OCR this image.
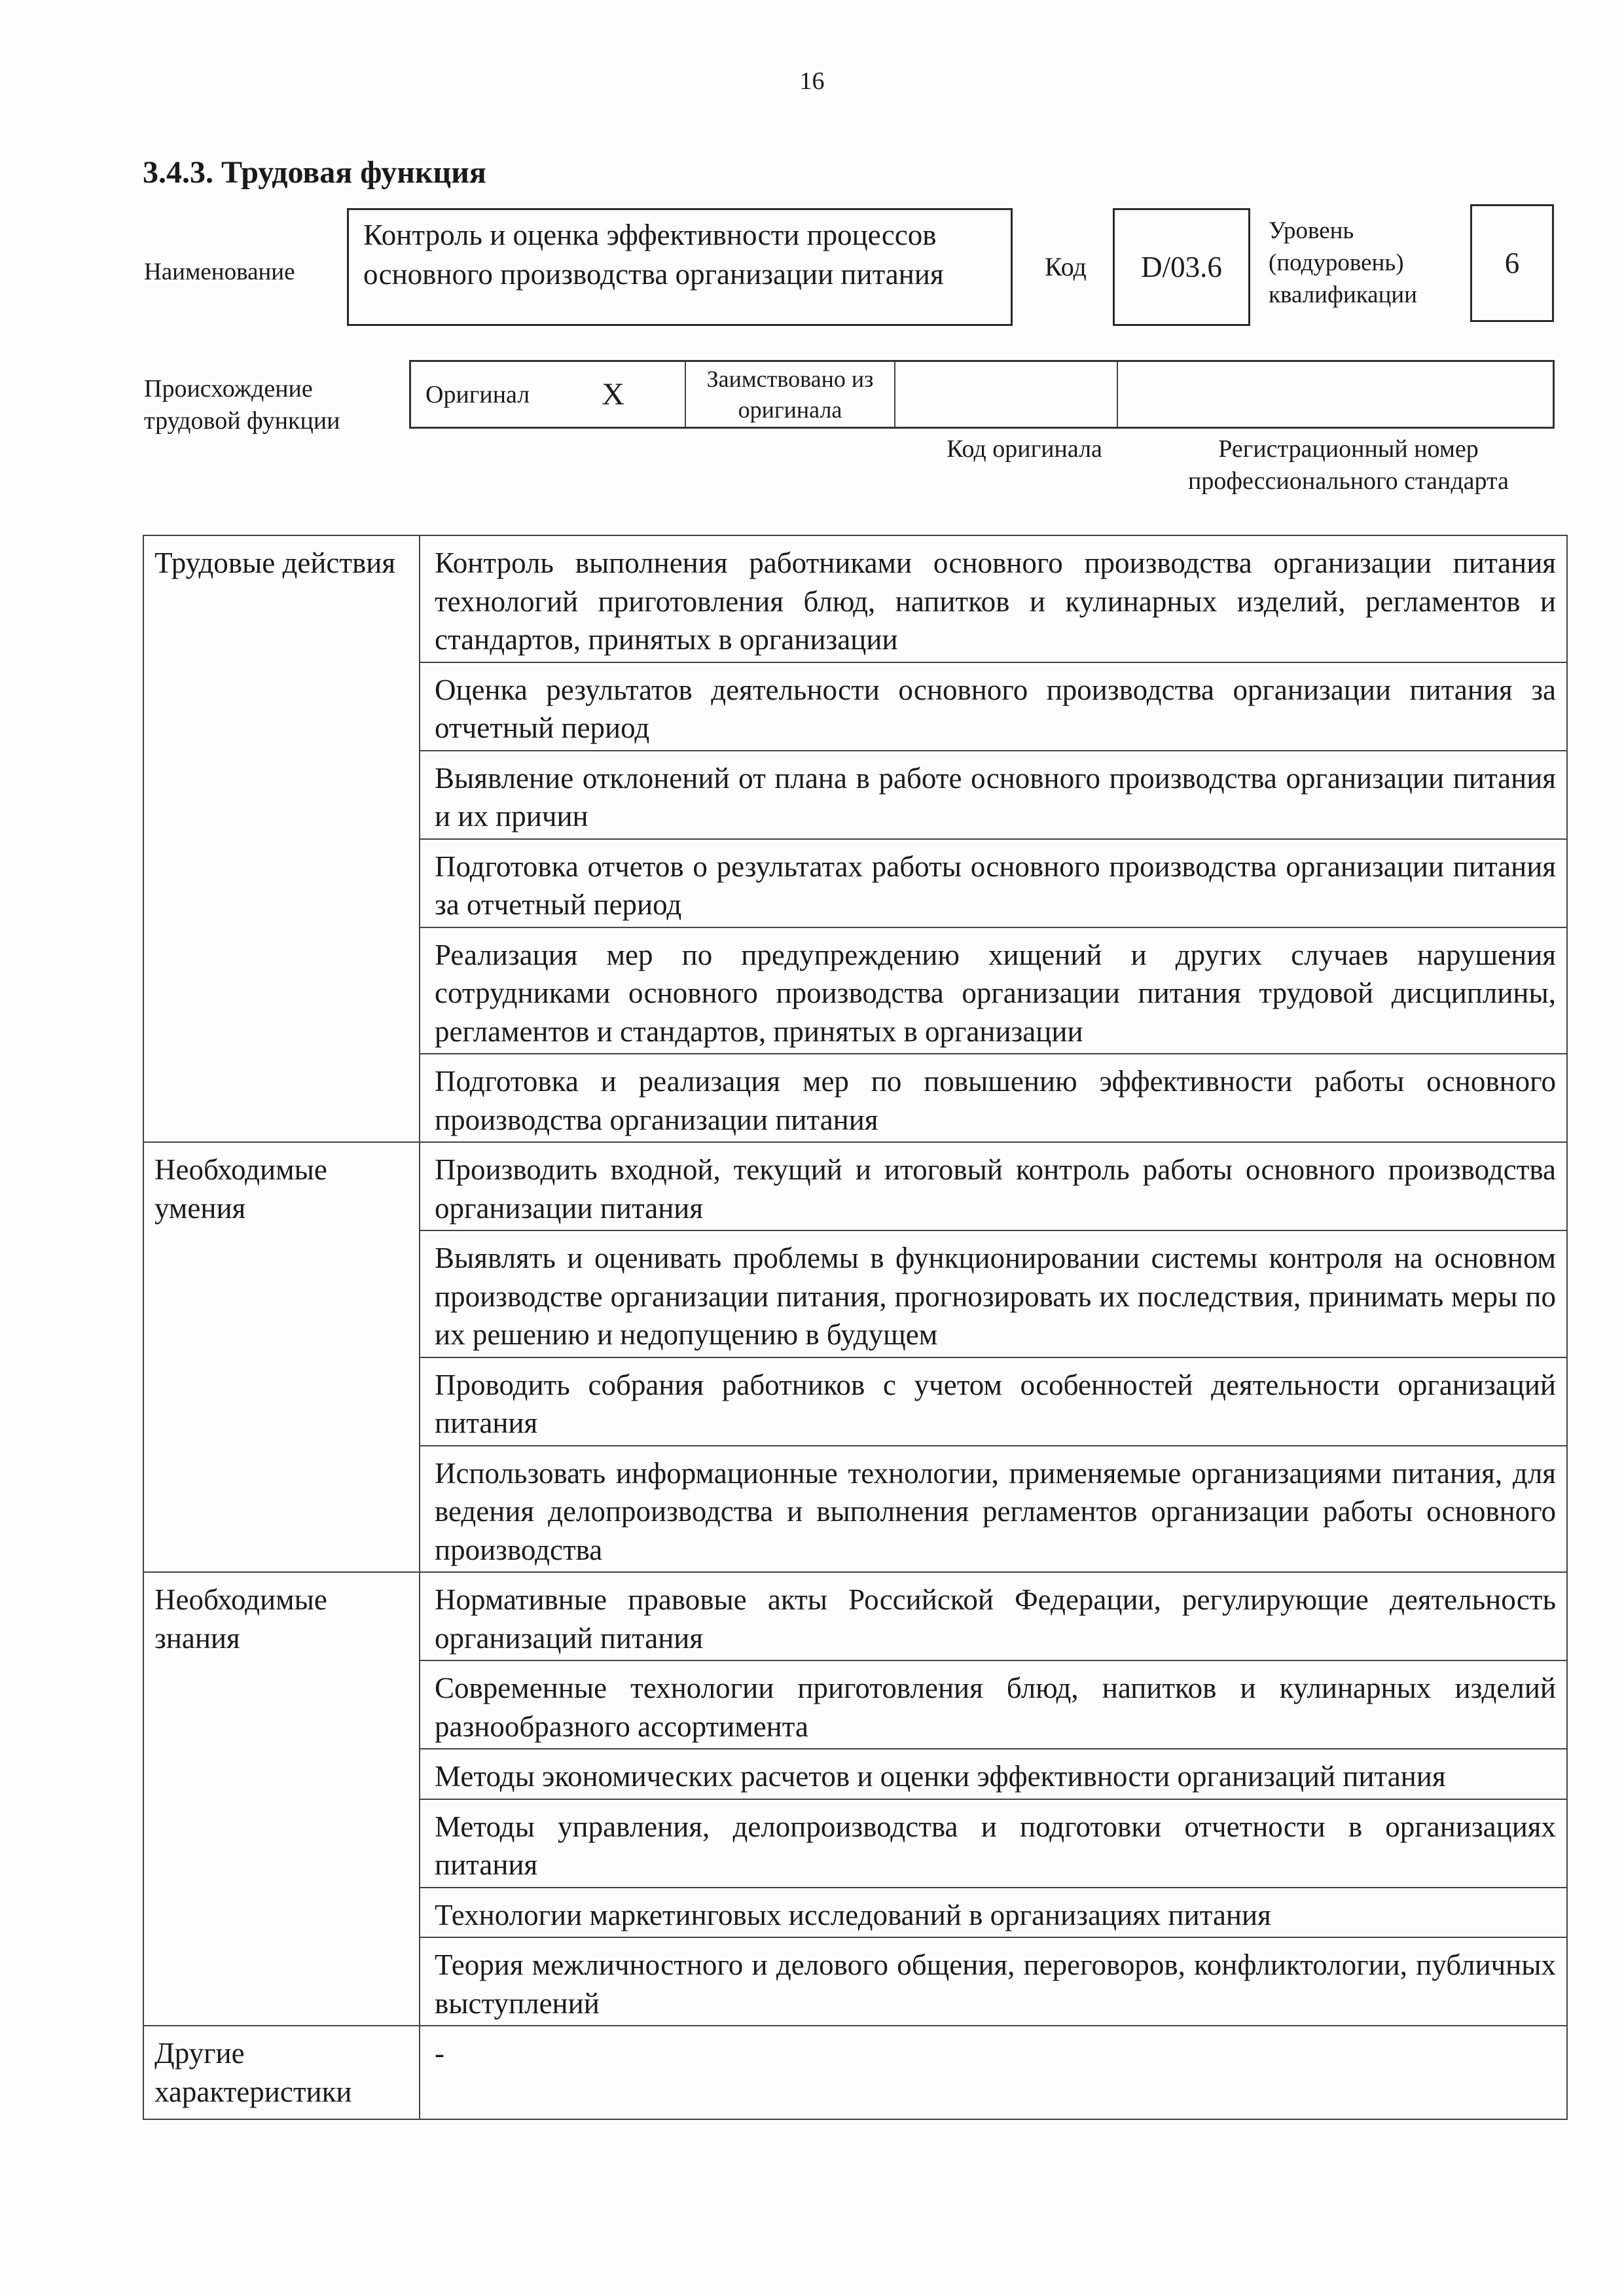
16
3.4.3. Трудовая функция
Наименование
Контроль и оценка эффективности процессов основного производства организации питания	Код D/03.6
Уровень (подуровень) квалификации
6
Происхождение трудовой функции
Оригинал X	Заимствовано из оригинала
Код оригинала	Регистрационный номер профессионального стандарта
Трудовые действия	Контроль выполнения работниками основного производства организации питания технологий приготовления блюд, напитков и кулинарных изделий, регламентов и стандартов, принятых в организации
	Оценка результатов деятельности основного производства организации питания за отчетный период
	Выявление отклонений от плана в работе основного производства организации питания и их причин
	Подготовка отчетов о результатах работы основного производства организации питания за отчетный период
	Реализация мер по предупреждению хищений и других случаев нарушения сотрудниками основного производства организации питания трудовой дисциплины, регламентов и стандартов, принятых в организации
	Подготовка и реализация мер по повышению эффективности работы основного производства организации питания
Необходимые умения	Производить входной, текущий и итоговый контроль работы основного производства организации питания
	Выявлять и оценивать проблемы в функционировании системы контроля на основном производстве организации питания, прогнозировать их последствия, принимать меры по их решению и недопущению в будущем
	Проводить собрания работников с учетом особенностей деятельности организаций питания
	Использовать информационные технологии, применяемые организациями питания, для ведения делопроизводства и выполнения регламентов организации работы основного производства
Необходимые знания	Нормативные правовые акты Российской Федерации, регулирующие деятельность организаций питания
	Современные технологии приготовления блюд, напитков и кулинарных изделий разнообразного ассортимента
	Методы экономических расчетов и оценки эффективности организаций питания
	Методы управления, делопроизводства и подготовки отчетности в организациях питания
	Технологии маркетинговых исследований в организациях питания
	Теория межличностного и делового общения, переговоров, конфликтологии, публичных выступлений
Другие характеристики	-
